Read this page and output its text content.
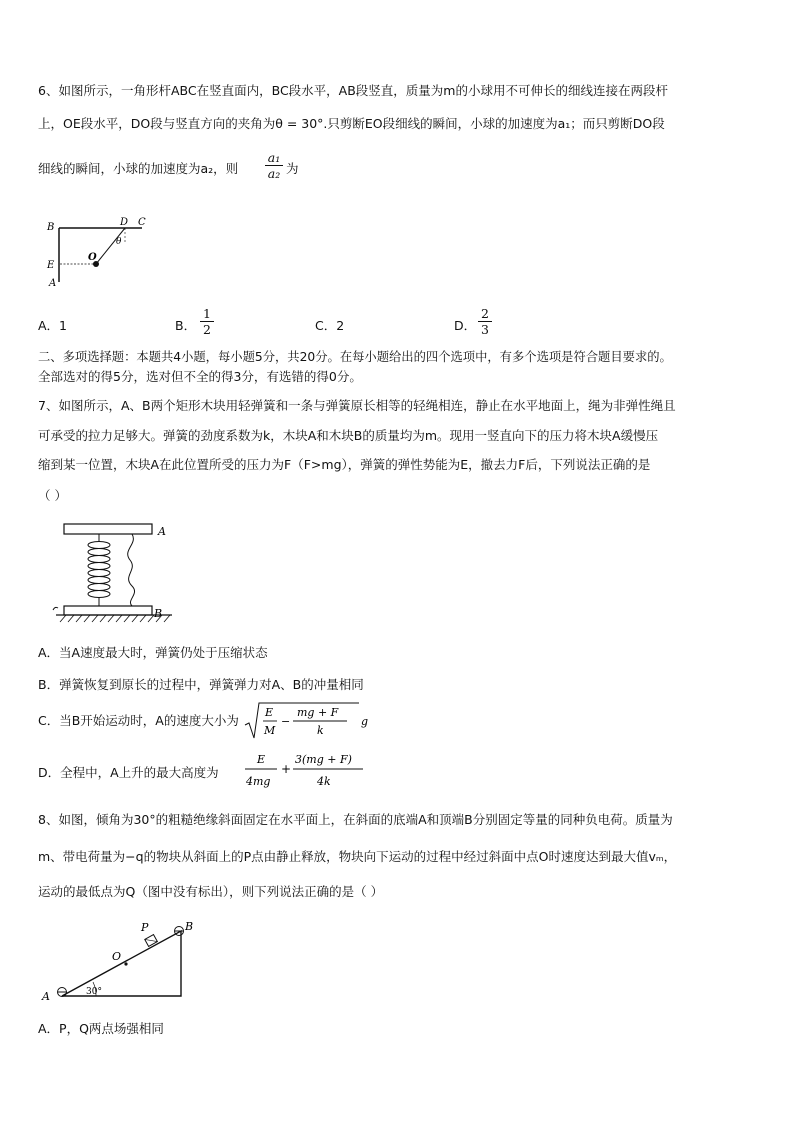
6、如图所示，一角形杆ABC在竖直面内，BC段水平，AB段竖直，质量为m的小球用不可伸长的细线连接在两段杆
上，OE段水平，DO段与竖直方向的夹角为θ = 30°.只剪断EO段细线的瞬间，小球的加速度为a₁；而只剪断DO段
细线的瞬间，小球的加速度为a₂，则
a₁
a₂ 为
B	D C
θ
O
E
A
A．1	B．
1
2	C．2	D．
2
3
二、多项选择题：本题共4小题，每小题5分，共20分。在每小题给出的四个选项中，有多个选项是符合题目要求的。
全部选对的得5分，选对但不全的得3分，有选错的得0分。
7、如图所示，A、B两个矩形木块用轻弹簧和一条与弹簧原长相等的轻绳相连，静止在水平地面上，绳为非弹性绳且
可承受的拉力足够大。弹簧的劲度系数为k，木块A和木块B的质量均为m。现用一竖直向下的压力将木块A缓慢压
缩到某一位置，木块A在此位置所受的压力为F（F>mg），弹簧的弹性势能为E，撤去力F后，下列说法正确的是
（ ）
A
B
A．当A速度最大时，弹簧仍处于压缩状态
B．弹簧恢复到原长的过程中，弹簧弹力对A、B的冲量相同
C．当B开始运动时，A的速度大小为
E
M
−
mg + F
k
g
D．全程中，A上升的最大高度为
E
4mg
+
3(mg + F)
4k
8、如图，倾角为30°的粗糙绝缘斜面固定在水平面上，在斜面的底端A和顶端B分别固定等量的同种负电荷。质量为
m、带电荷量为−q的物块从斜面上的P点由静止释放，物块向下运动的过程中经过斜面中点O时速度达到最大值vₘ，
运动的最低点为Q（图中没有标出），则下列说法正确的是（ ）
P
O
B
A	30°
A．P，Q两点场强相同
